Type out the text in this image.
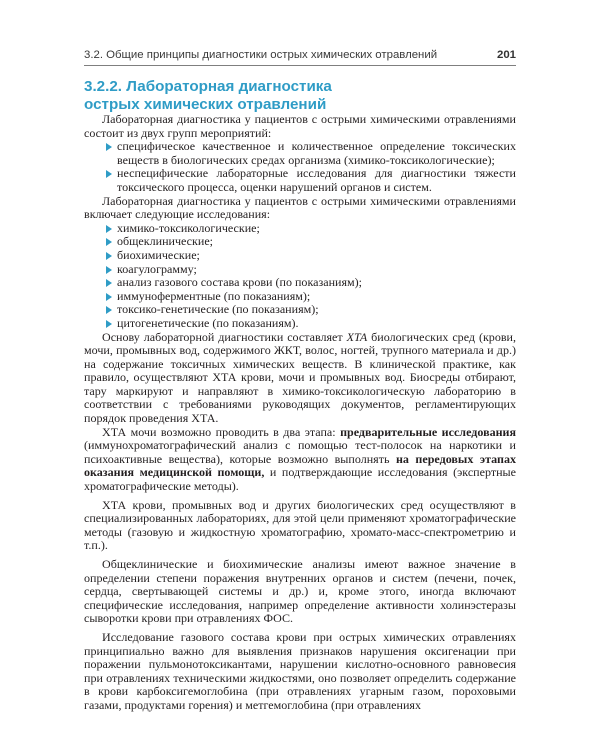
3.2. Общие принципы диагностики острых химических отравлений	201
3.2.2. Лабораторная диагностика
острых химических отравлений

Лабораторная диагностика у пациентов с острыми химическими отравлениями состоит из двух групп мероприятий:

специфическое качественное и количественное определение токсических веществ в биологических средах организма (химико-токсикологические);
неспецифические лабораторные исследования для диагностики тяжести токсического процесса, оценки нарушений органов и систем.

Лабораторная диагностика у пациентов с острыми химическими отравлениями включает следующие исследования:

химико-токсикологические;
общеклинические;
биохимические;
коагулограмму;
анализ газового состава крови (по показаниям);
иммуноферментные (по показаниям);
токсико-генетические (по показаниям);
цитогенетические (по показаниям).

Основу лабораторной диагностики составляет ХТА биологических сред (крови, мочи, промывных вод, содержимого ЖКТ, волос, ногтей, трупного материала и др.) на содержание токсичных химических веществ. В клинической практике, как правило, осуществляют ХТА крови, мочи и промывных вод. Биосреды отбирают, тару маркируют и направляют в химико-токсикологическую лабораторию в соответствии с требованиями руководящих документов, регламентирующих порядок проведения ХТА.

ХТА мочи возможно проводить в два этапа: предварительные исследования (иммунохроматографический анализ с помощью тест-полосок на наркотики и психоактивные вещества), которые возможно выполнять на передовых этапах оказания медицинской помощи, и подтверждающие исследования (экспертные хроматографические методы).

ХТА крови, промывных вод и других биологических сред осуществляют в специализированных лабораториях, для этой цели применяют хроматографические методы (газовую и жидкостную хроматографию, хромато-масс-спектрометрию и т.п.).

Общеклинические и биохимические анализы имеют важное значение в определении степени поражения внутренних органов и систем (печени, почек, сердца, свертывающей системы и др.) и, кроме этого, иногда включают специфические исследования, например определение активности холинэстеразы сыворотки крови при отравлениях ФОС.

Исследование газового состава крови при острых химических отравлениях принципиально важно для выявления признаков нарушения оксигенации при поражении пульмонотоксикантами, нарушении кислотно-основного равновесия при отравлениях техническими жидкостями, оно позволяет определить содержание в крови карбоксигемоглобина (при отравлениях угарным газом, пороховыми газами, продуктами горения) и метгемоглобина (при отравлениях
